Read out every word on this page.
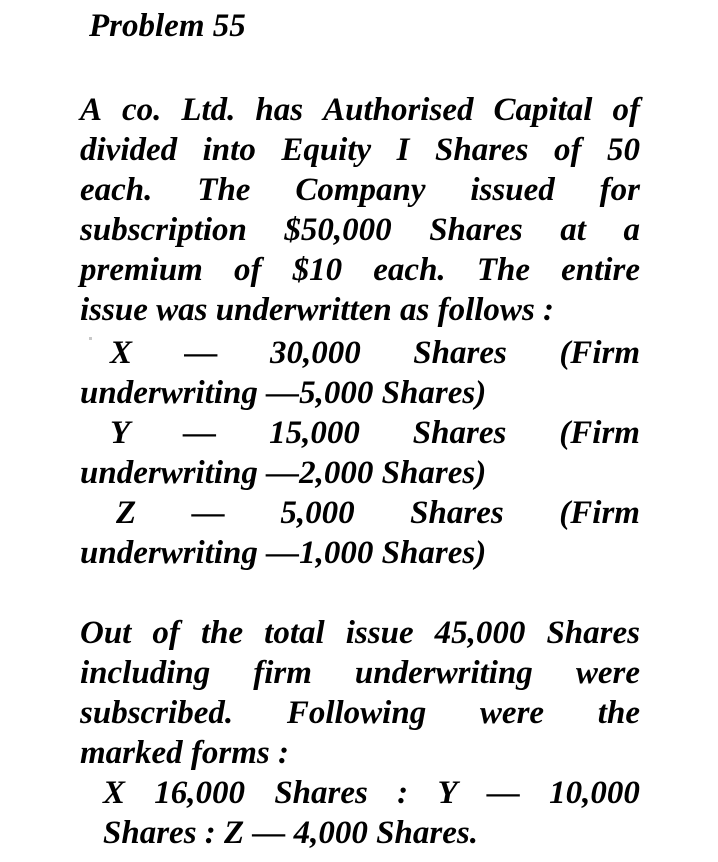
Problem 55
A co. Ltd. has Authorised Capital of
divided into Equity I Shares of 50
each. The Company issued for
subscription $50,000 Shares at a
premium of $10 each. The entire
issue was underwritten as follows :
X — 30,000 Shares (Firm
underwriting —5,000 Shares)
Y — 15,000 Shares (Firm
underwriting —2,000 Shares)
Z — 5,000 Shares (Firm
underwriting —1,000 Shares)
Out of the total issue 45,000 Shares
including firm underwriting were
subscribed. Following were the
marked forms :
X 16,000 Shares : Y — 10,000
Shares : Z — 4,000 Shares.
